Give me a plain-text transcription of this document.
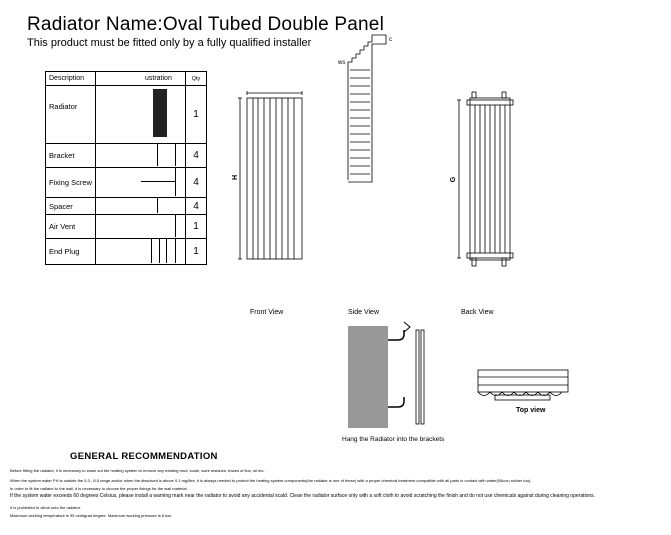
Radiator Name:Oval Tubed Double Panel
This product must be fitted only by a fully qualified installer
Description	ustration	Qty
Radiator		1
Bracket		4
Fixing Screw		4
Spacer		4
Air Vent		1
End Plug		1
H	G
ws
c
Front View	Side View	Back View
Top view
Hang the Radiator into the brackets
GENERAL RECOMMENDATION
Before fitting the radiator, it is necessary to wash out the heating system to remove any existing mud, scale, work residues, traces of flux, oil etc.
When the system water PH is outside the 5.3 - 8.5 range and/or when the dissolved is above 0.1 mg/litre, it is always needed to protect the heating system components(the radiator is one of these) with a proper chemical treatment compatible with all parts in contact with water(Silicon rubber too).
In order to fit the radiator to the wall, it is necessary to choose the proper fixings for the wall material.
If the system water exceeds 60 degrees Celsius, please install a warning mark near the radiator to avoid any accidental scald. Clean the radiator surface only with a soft cloth to avoid scratching the finish and do not use chemicals against during cleaning operations.
It is prohibited to climb onto the radiator.
Maximum working temperature is 95 centigrad degree. Maximum working pressure is 6 bar.
